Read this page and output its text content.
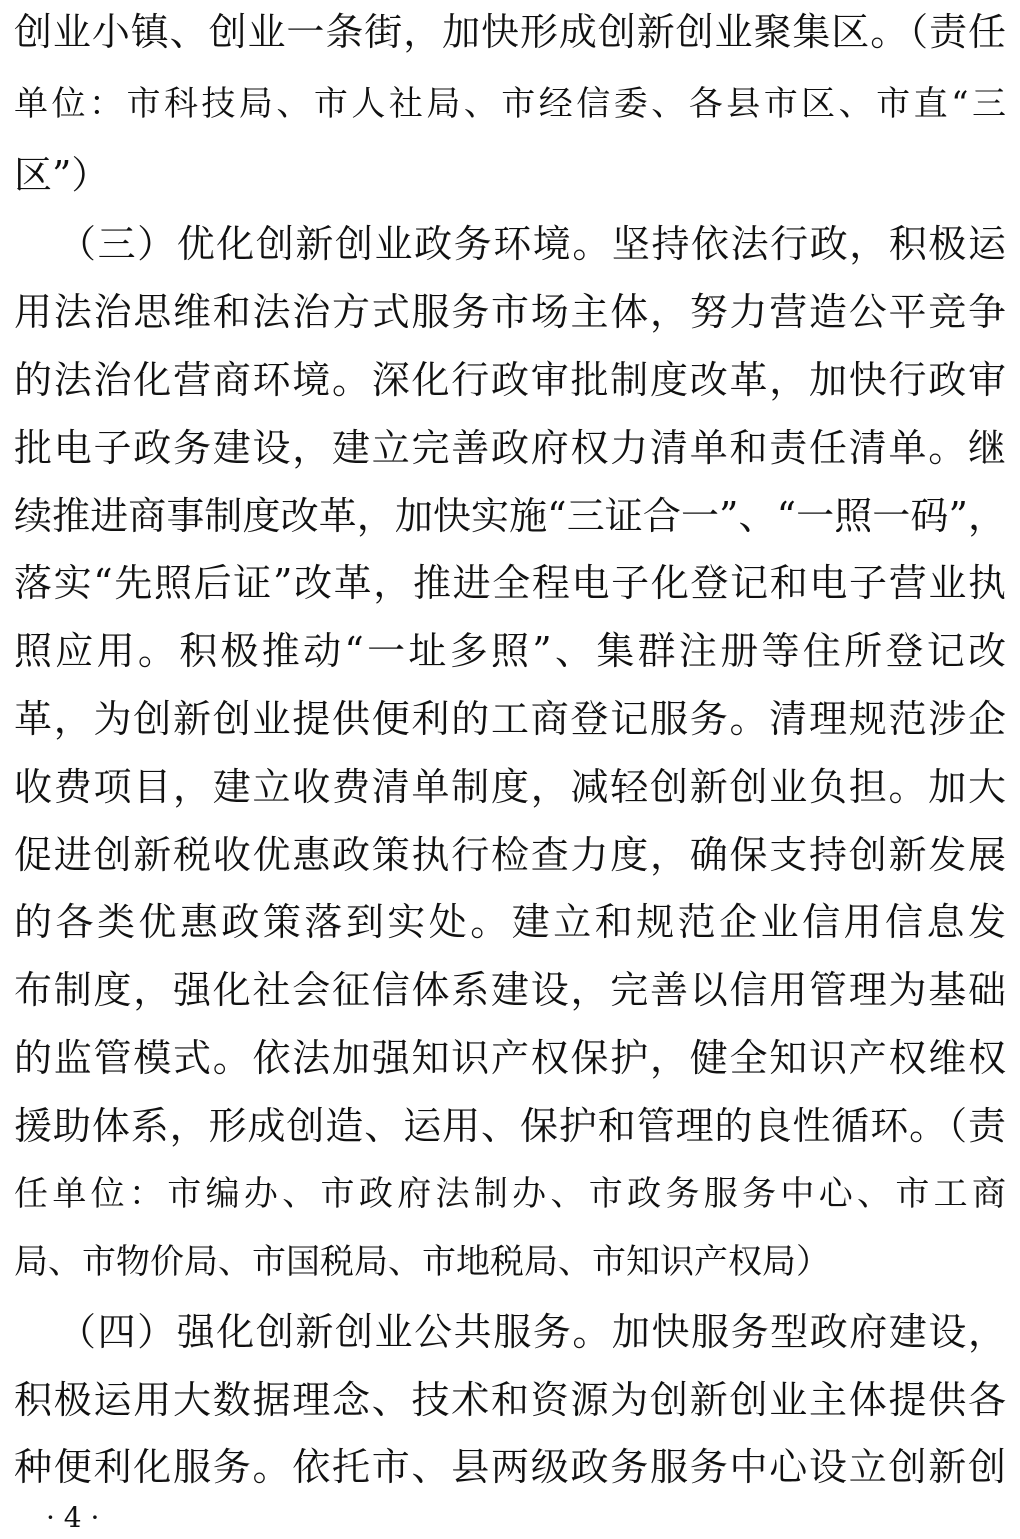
创业小镇、创业一条街，加快形成创新创业聚集区。（责任
单位：市科技局、市人社局、市经信委、各县市区、市直“三
区”）
（三）优化创新创业政务环境。坚持依法行政，积极运
用法治思维和法治方式服务市场主体，努力营造公平竞争
的法治化营商环境。深化行政审批制度改革，加快行政审
批电子政务建设，建立完善政府权力清单和责任清单。继
续推进商事制度改革，加快实施“三证合一”、“一照一码”，
落实“先照后证”改革，推进全程电子化登记和电子营业执
照应用。积极推动“一址多照”、集群注册等住所登记改
革，为创新创业提供便利的工商登记服务。清理规范涉企
收费项目，建立收费清单制度，减轻创新创业负担。加大
促进创新税收优惠政策执行检查力度，确保支持创新发展
的各类优惠政策落到实处。建立和规范企业信用信息发
布制度，强化社会征信体系建设，完善以信用管理为基础
的监管模式。依法加强知识产权保护，健全知识产权维权
援助体系，形成创造、运用、保护和管理的良性循环。（责
任单位：市编办、市政府法制办、市政务服务中心、市工商
局、市物价局、市国税局、市地税局、市知识产权局）
（四）强化创新创业公共服务。加快服务型政府建设，
积极运用大数据理念、技术和资源为创新创业主体提供各
种便利化服务。依托市、县两级政务服务中心设立创新创
· 4 ·
